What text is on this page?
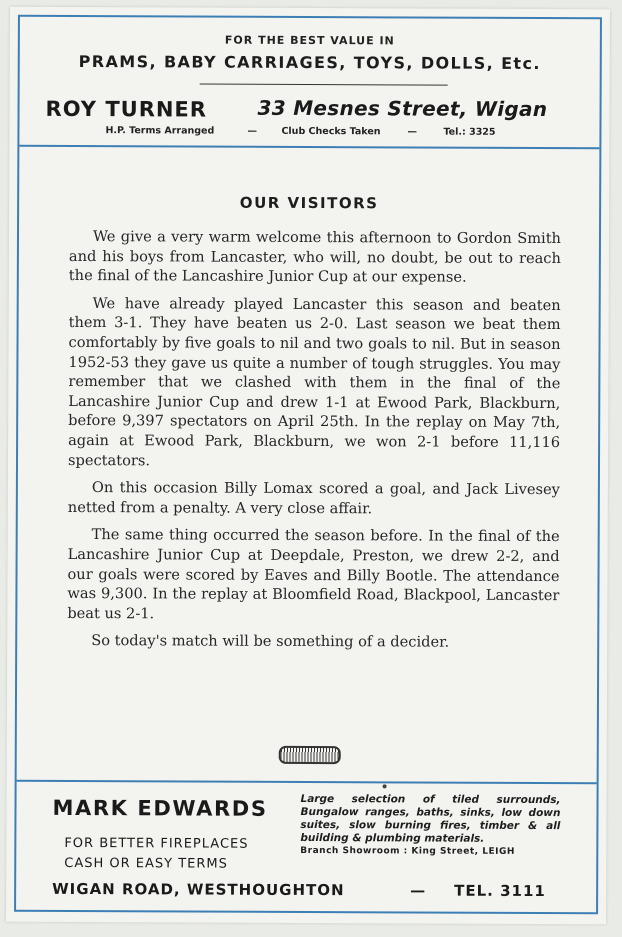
FOR THE BEST VALUE IN
PRAMS, BABY CARRIAGES, TOYS, DOLLS, Etc.
ROY TURNER	33 Mesnes Street, Wigan
H.P. Terms Arranged	—	Club Checks Taken	—	Tel.: 3325
OUR VISITORS

We give a very warm welcome this afternoon to Gordon Smith and his boys from Lancaster, who will, no doubt, be out to reach the final of the Lancashire Junior Cup at our expense.

We have already played Lancaster this season and beaten them 3-1. They have beaten us 2-0. Last season we beat them comfortably by five goals to nil and two goals to nil. But in season 1952-53 they gave us quite a number of tough struggles. You may remember that we clashed with them in the final of the Lancashire Junior Cup and drew 1-1 at Ewood Park, Blackburn, before 9,397 spectators on April 25th. In the replay on May 7th, again at Ewood Park, Blackburn, we won 2-1 before 11,116 spectators.

On this occasion Billy Lomax scored a goal, and Jack Livesey netted from a penalty. A very close affair.

The same thing occurred the season before. In the final of the Lancashire Junior Cup at Deepdale, Preston, we drew 2-2, and our goals were scored by Eaves and Billy Bootle. The attendance was 9,300. In the replay at Bloomfield Road, Blackpool, Lancaster beat us 2-1.

So today's match will be something of a decider.

MARK EDWARDS
FOR BETTER FIREPLACES
CASH OR EASY TERMS
Large selection of tiled surrounds, Bungalow ranges, baths, sinks, low down suites, slow burning fires, timber & all building & plumbing materials.
Branch Showroom : King Street, LEIGH
WIGAN ROAD, WESTHOUGHTON	— TEL. 3111
